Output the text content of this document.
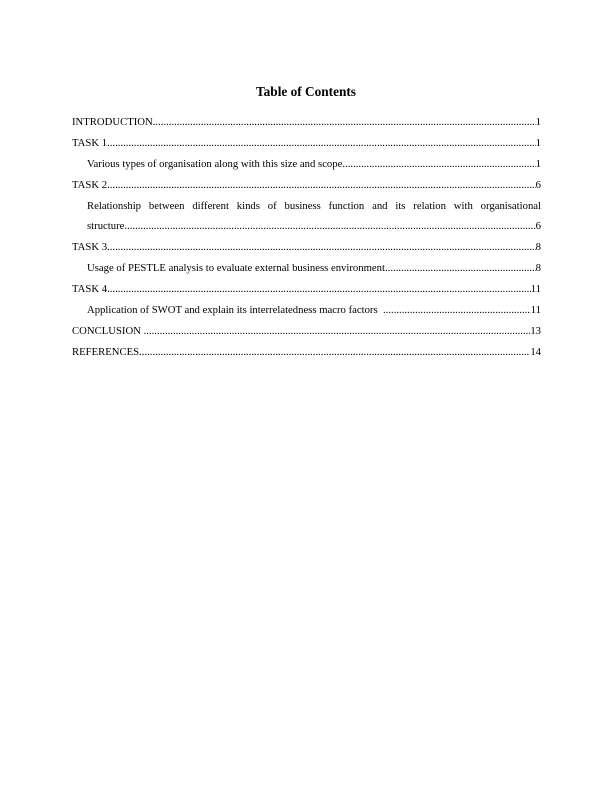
Table of Contents
INTRODUCTION .....	1
TASK 1 .....	1
Various types of organisation along with this size and scope .....	1
TASK 2 .....	6
Relationship between different kinds of business function and its relation with organisational
structure .....	6
TASK 3 .....	8
Usage of PESTLE analysis to evaluate external business environment .....	8
TASK 4 .....	11
Application of SWOT and explain its interrelatedness macro factors .....	11
CONCLUSION .....	13
REFERENCES .....	14
